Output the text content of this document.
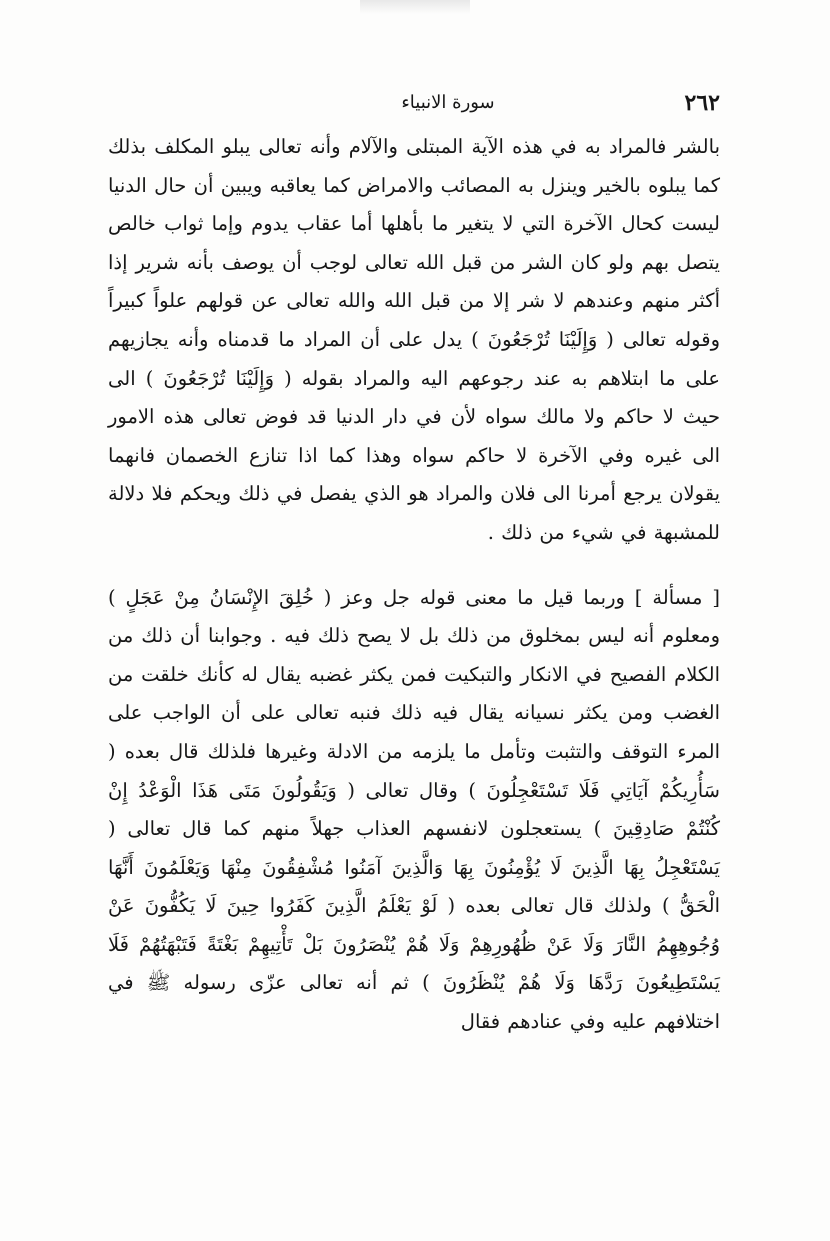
٢٦٢
سورة الانبياء

بالشر فالمراد به في هذه الآية المبتلى والآلام وأنه تعالى يبلو المكلف بذلك كما يبلوه بالخير وينزل به المصائب والامراض كما يعاقبه ويبين أن حال الدنيا ليست كحال الآخرة التي لا يتغير ما بأهلها أما عقاب يدوم وإما ثواب خالص يتصل بهم ولو كان الشر من قبل الله تعالى لوجب أن يوصف بأنه شرير إذا أكثر منهم وعندهم لا شر إلا من قبل الله والله تعالى عن قولهم علواً كبيراً وقوله تعالى ( وَإِلَيْنَا تُرْجَعُونَ ) يدل على أن المراد ما قدمناه وأنه يجازيهم على ما ابتلاهم به عند رجوعهم اليه والمراد بقوله ( وَإِلَيْنَا تُرْجَعُونَ ) الى حيث لا حاكم ولا مالك سواه لأن في دار الدنيا قد فوض تعالى هذه الامور الى غيره وفي الآخرة لا حاكم سواه وهذا كما اذا تنازع الخصمان فانهما يقولان يرجع أمرنا الى فلان والمراد هو الذي يفصل في ذلك ويحكم فلا دلالة للمشبهة في شيء من ذلك .

[ مسألة ] وربما قيل ما معنى قوله جل وعز ( خُلِقَ الإِنْسَانُ مِنْ عَجَلٍ ) ومعلوم أنه ليس بمخلوق من ذلك بل لا يصح ذلك فيه . وجوابنا أن ذلك من الكلام الفصيح في الانكار والتبكيت فمن يكثر غضبه يقال له كأنك خلقت من الغضب ومن يكثر نسيانه يقال فيه ذلك فنبه تعالى على أن الواجب على المرء التوقف والتثبت وتأمل ما يلزمه من الادلة وغيرها فلذلك قال بعده ( سَأُرِيكُمْ آيَاتِي فَلَا تَسْتَعْجِلُونَ ) وقال تعالى ( وَيَقُولُونَ مَتَى هَذَا الْوَعْدُ إِنْ كُنْتُمْ صَادِقِينَ ) يستعجلون لانفسهم العذاب جهلاً منهم كما قال تعالى ( يَسْتَعْجِلُ بِهَا الَّذِينَ لَا يُؤْمِنُونَ بِهَا وَالَّذِينَ آمَنُوا مُشْفِقُونَ مِنْهَا وَيَعْلَمُونَ أَنَّهَا الْحَقُّ ) ولذلك قال تعالى بعده ( لَوْ يَعْلَمُ الَّذِينَ كَفَرُوا حِينَ لَا يَكُفُّونَ عَنْ وُجُوهِهِمُ النَّارَ وَلَا عَنْ ظُهُورِهِمْ وَلَا هُمْ يُنْصَرُونَ بَلْ تَأْتِيهِمْ بَغْتَةً فَتَبْهَتُهُمْ فَلَا يَسْتَطِيعُونَ رَدَّهَا وَلَا هُمْ يُنْظَرُونَ ) ثم أنه تعالى عزّى رسوله ﷺ في اختلافهم عليه وفي عنادهم فقال
